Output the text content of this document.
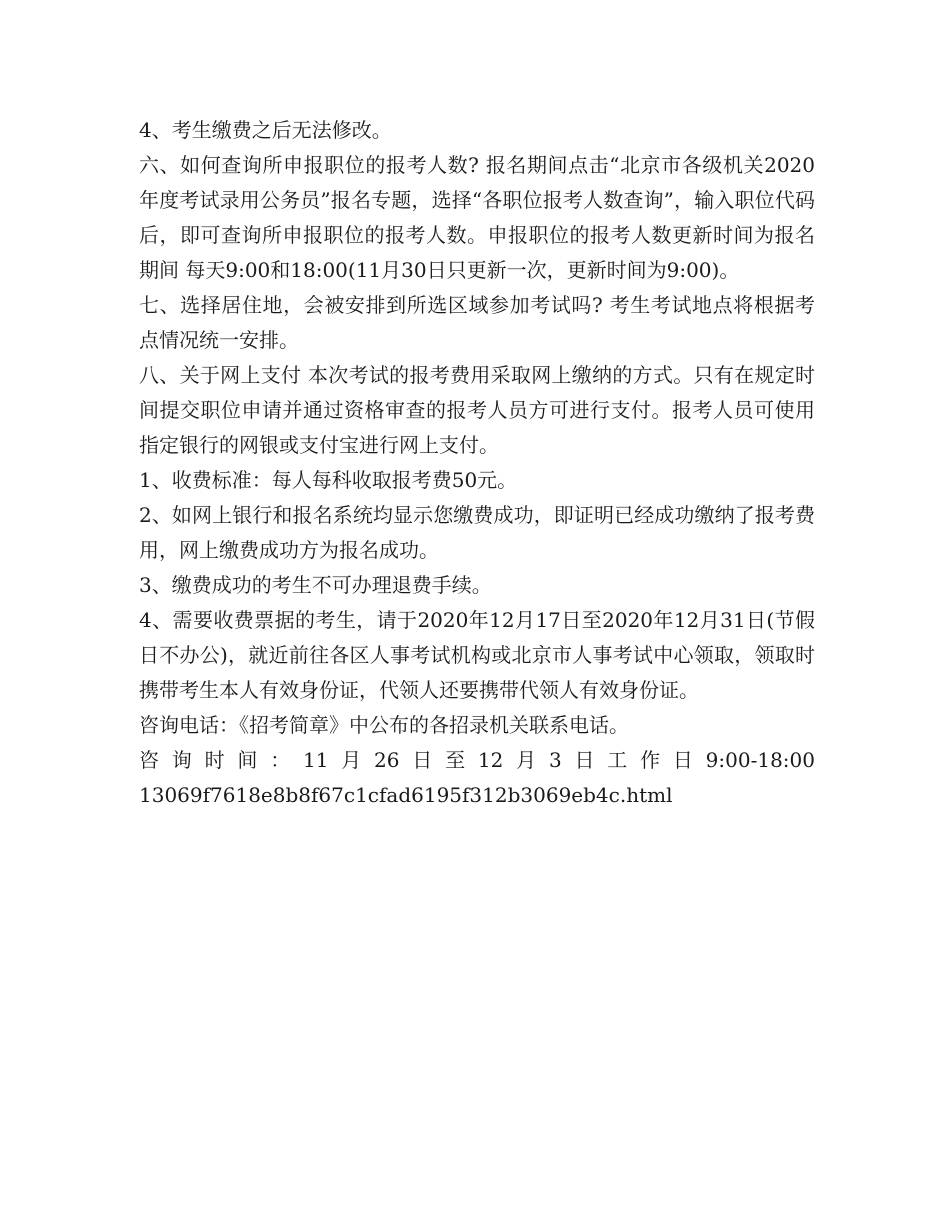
4、考生缴费之后无法修改。

六、如何查询所申报职位的报考人数? 报名期间点击“北京市各级机关2020年度考试录用公务员”报名专题，选择“各职位报考人数查询”，输入职位代码后，即可查询所申报职位的报考人数。申报职位的报考人数更新时间为报名期间 每天9:00和18:00(11月30日只更新一次，更新时间为9:00)。

七、选择居住地，会被安排到所选区域参加考试吗? 考生考试地点将根据考点情况统一安排。

八、关于网上支付 本次考试的报考费用采取网上缴纳的方式。只有在规定时间提交职位申请并通过资格审查的报考人员方可进行支付。报考人员可使用指定银行的网银或支付宝进行网上支付。

1、收费标准：每人每科收取报考费50元。

2、如网上银行和报名系统均显示您缴费成功，即证明已经成功缴纳了报考费用，网上缴费成功方为报名成功。

3、缴费成功的考生不可办理退费手续。

4、需要收费票据的考生，请于2020年12月17日至2020年12月31日(节假日不办公)，就近前往各区人事考试机构或北京市人事考试中心领取，领取时携带考生本人有效身份证，代领人还要携带代领人有效身份证。

咨询电话：《招考简章》中公布的各招录机关联系电话。

咨询时间：11月26日至12月3日工作日9:00-18:00

13069f7618e8b8f67c1cfad6195f312b3069eb4c.html
